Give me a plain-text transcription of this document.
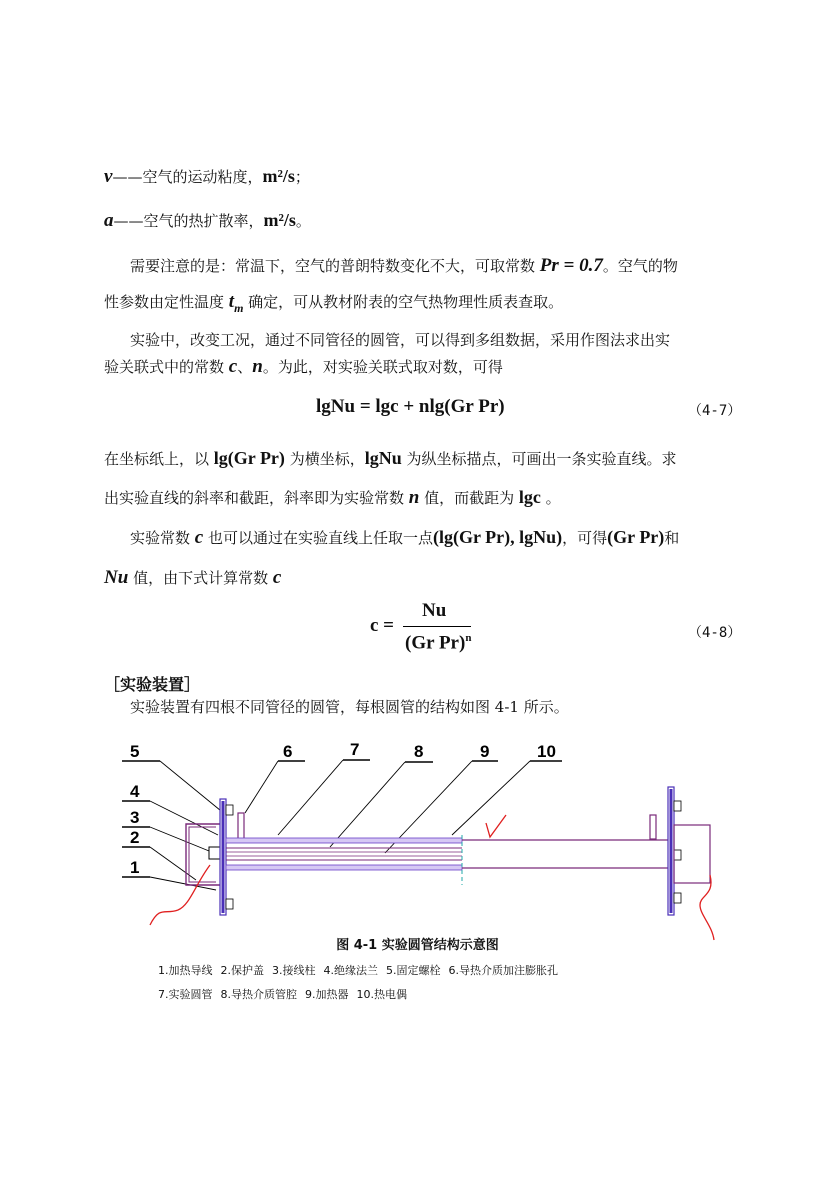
ν——空气的运动粘度，m²/s；
a——空气的热扩散率，m²/s。
需要注意的是：常温下，空气的普朗特数变化不大，可取常数 Pr = 0.7。空气的物
性参数由定性温度 $t_m$ 确定，可从教材附表的空气热物理性质表查取。
实验中，改变工况，通过不同管径的圆管，可以得到多组数据，采用作图法求出实
验关联式中的常数 c、n。为此，对实验关联式取对数，可得
lgNu = lgc + nlg(Gr Pr)	（4-7）
在坐标纸上，以 lg(Gr Pr) 为横坐标，lgNu 为纵坐标描点，可画出一条实验直线。求
出实验直线的斜率和截距，斜率即为实验常数 n 值，而截距为 lgc 。
实验常数 c 也可以通过在实验直线上任取一点(lg(Gr Pr), lgNu)，可得(Gr Pr)和
Nu 值，由下式计算常数 c
c =
Nu
(Gr Pr)$^n$	（4-8）
［实验装置］
实验装置有四根不同管径的圆管，每根圆管的结构如图 4-1 所示。
5	6	7	8	9	10
4
3
2
1
图 4-1 实验圆管结构示意图
1.加热导线 2.保护盖 3.接线柱 4.绝缘法兰 5.固定螺栓 6.导热介质加注膨胀孔
7.实验圆管 8.导热介质管腔 9.加热器 10.热电偶
